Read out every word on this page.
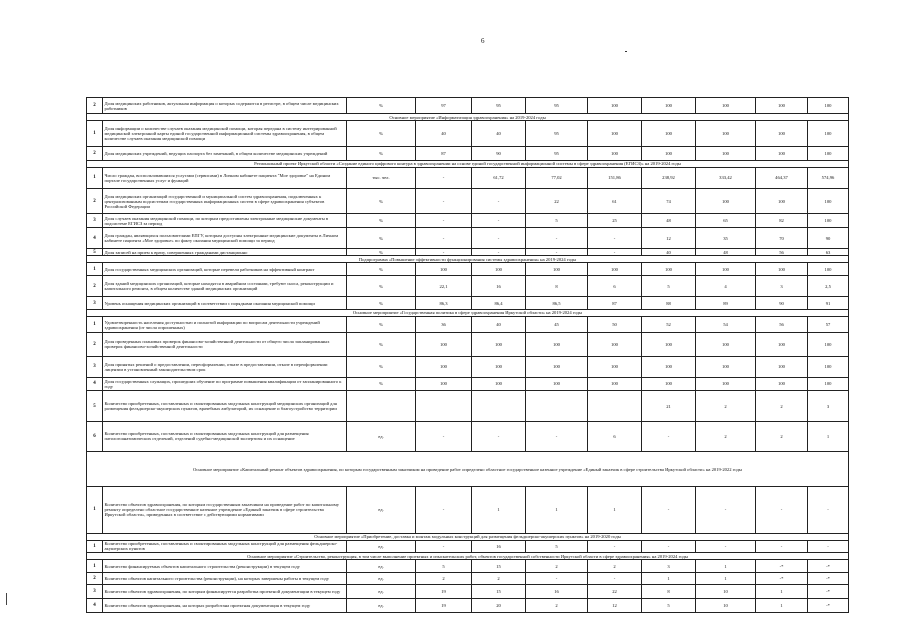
6
2	Доля медицинских работников, актуальная информация о которых содержится в регистре, в общем числе медицинских работников	%	97	95	95	100	100	100	100	100
Основное мероприятие «Информатизация здравоохранения» на 2019-2024 годы										
1	Доля информации о количестве случаев оказания медицинской помощи, которая передана в систему интегрированной медицинской электронной карты единой государственной информационной системы здравоохранения, в общем количестве случаев оказания медицинской помощи	%	40	40	95	100	100	100	100	100
2	Доля медицинских учреждений, ведущих паспорта без замечаний, в общем количестве медицинских учреждений	%	87	90	95	100	100	100	100	100
Региональный проект Иркутской области «Создание единого цифрового контура в здравоохранении на основе единой государственной информационной системы в сфере здравоохранения (ЕГИСЗ)» на 2019-2024 годы										
1	Число граждан, воспользовавшихся услугами (сервисами) в Личном кабинете пациента "Мое здоровье" на Едином портале государственных услуг и функций	тыс. чел.	-	61,72	77,02	151,86	238,92	333,42	464,37	574,96
2	Доля медицинских организаций государственной и муниципальной систем здравоохранения, подключенных к централизованным подсистемам государственных информационных систем в сфере здравоохранения субъектов Российской Федерации	%	-	-	22	61	74	100	100	100
3	Доля случаев оказания медицинской помощи, по которым предоставлены электронные медицинские документы в подсистеме ЕГИСЗ за период	%	-	-	5	25	48	65	82	100
4	Доля граждан, являющихся пользователями ЕПГУ, которым доступны электронные медицинские документы в Личном кабинете пациента «Мое здоровье» по факту оказания медицинской помощи за период	%	-	-	-	-	12	35	70	90
5	Доля записей на прием к врачу, совершенных гражданами дистанционно	%	-	-	-	-	40	48	56	63
Подпрограмма «Повышение эффективности функционирования системы здравоохранения» на 2019-2024 годы										
1	Доля государственных медицинских организаций, которые перевели работников на эффективный контракт	%	100	100	100	100	100	100	100	100
2	Доля зданий медицинских организаций, которые находятся в аварийном состоянии, требуют сноса, реконструкции и капитального ремонта, в общем количестве зданий медицинских организаций	%	22,1	16	8	6	5	4	3	2,5
3	Уровень оснащения медицинских организаций в соответствии с порядками оказания медицинской помощи	%	86,3	86,4	86,5	87	88	89	90	91
Основное мероприятие «Государственная политика в сфере здравоохранения Иркутской области» на 2019-2024 годы										
1	Удовлетворенность населения доступностью и полнотой информации по вопросам деятельности учреждений здравоохранения (от числа опрошенных)	%	36	40	45	50	52	54	56	57
2	Доля проведенных плановых проверок финансово-хозяйственной деятельности от общего числа запланированных проверок финансово-хозяйственной деятельности	%	100	100	100	100	100	100	100	100
3	Доля принятых решений о предоставлении, переоформлении, отказе в предоставлении, отказе в переоформлении лицензии в установленный законодательством срок	%	100	100	100	100	100	100	100	100
4	Доля государственных служащих, прошедших обучение по программе повышения квалификации от запланированного к году	%	100	100	100	100	100	100	100	100
5	Количество приобретенных, поставленных и смонтированных модульных конструкций медицинских организаций для размещения фельдшерско-акушерских пунктов, врачебных амбулаторий, их оснащение и благоустройство территории						21	2	2	3
6	Количество приобретенных, поставленных и смонтированных модульных конструкций для размещения патологоанатомических отделений, отделений судебно-медицинской экспертизы и их оснащение	ед.	-	-	-	6	-	2	2	1
Основное мероприятие «Капитальный ремонт объектов здравоохранения, по которым государственным заказчиком на проведение работ определено областное государственное казенное учреждение «Единый заказчик в сфере строительства Иркутской области» на 2019-2022 годы										
1	Количество объектов здравоохранения, по которым государственным заказчиком на проведение работ по капитальному ремонту определено областное государственное казенное учреждение «Единый заказчик в сфере строительства Иркутской области», приведенных в соответствие с действующими нормативами	ед.	-	1	1	1	-	-	-	-
Основное мероприятие «Приобретение, доставка и монтаж модульных конструкций для размещения фельдшерско-акушерских пунктов» на 2019-2020 годы										
1	Количество приобретенных, поставленных и смонтированных модульных конструкций для размещения фельдшерско-акушерских пунктов	ед.	-	16	5	-	-	-	-	-
Основное мероприятие «Строительство, реконструкция, в том числе выполнение проектных и изыскательских работ, объектов государственной собственности Иркутской области в сфере здравоохранения» на 2019-2024 годы										
1	Количество финансируемых объектов капитального строительства (реконструкции) в текущем году	ед.	5	15	2	2	3	1	-*	-*
2	Количество объектов капитального строительства (реконструкции), на которых завершены работы в текущем году	ед.	2	2	-	-	1	1	-*	-*
3	Количество объектов здравоохранения, по которым финансируется разработка проектной документации в текущем году	ед.	19	15	16	22	8	10	1	-*
4	Количество объектов здравоохранения, на которых разработана проектная документация в текущем году	ед.	19	20	2	12	5	10	1	-*
